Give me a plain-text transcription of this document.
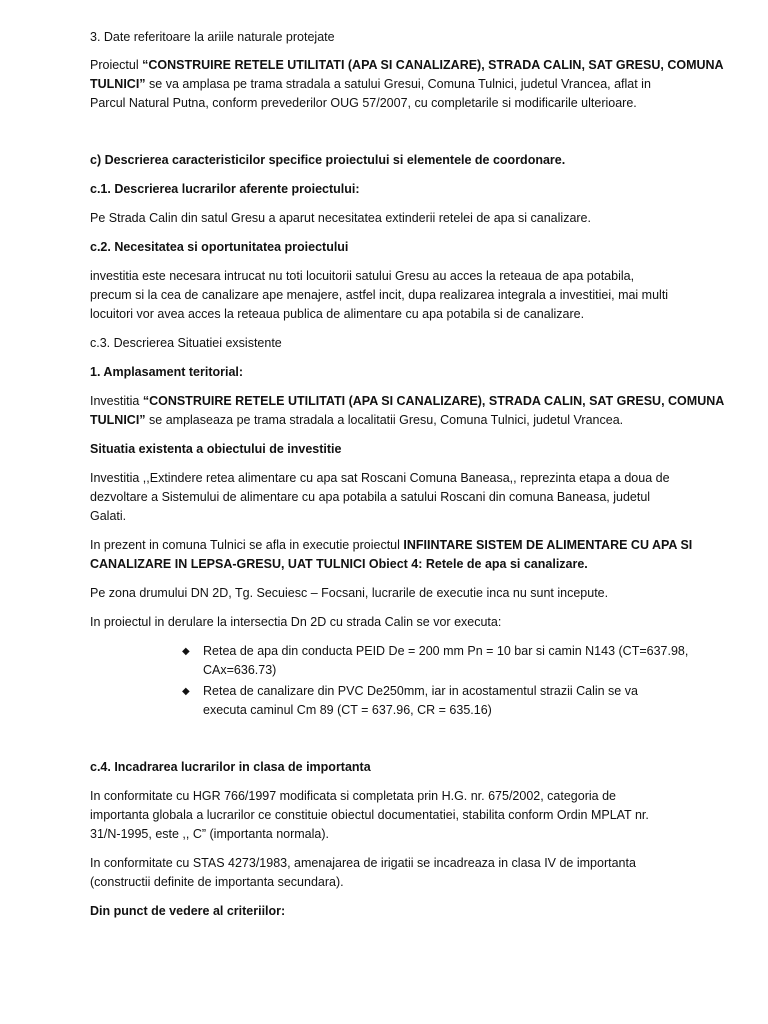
3. Date referitoare la ariile naturale protejate
Proiectul “CONSTRUIRE RETELE UTILITATI (APA SI CANALIZARE), STRADA CALIN, SAT GRESU, COMUNA
TULNICI” se va amplasa pe trama stradala a satului Gresui, Comuna Tulnici, judetul Vrancea, aflat in
Parcul Natural Putna, conform prevederilor OUG 57/2007, cu completarile si modificarile ulterioare.
c) Descrierea caracteristicilor specifice proiectului si elementele de coordonare.
c.1. Descrierea lucrarilor aferente proiectului:
Pe Strada Calin din satul Gresu a aparut necesitatea extinderii retelei de apa si canalizare.
c.2. Necesitatea si oportunitatea proiectului
investitia este necesara intrucat nu toti locuitorii satului Gresu au acces la reteaua de apa potabila,
precum si la cea de canalizare ape menajere, astfel incit, dupa realizarea integrala a investitiei, mai multi
locuitori vor avea acces la reteaua publica de alimentare cu apa potabila si de canalizare.
c.3. Descrierea Situatiei exsistente
1. Amplasament teritorial:
Investitia “CONSTRUIRE RETELE UTILITATI (APA SI CANALIZARE), STRADA CALIN, SAT GRESU, COMUNA
TULNICI” se amplaseaza pe trama stradala a localitatii Gresu, Comuna Tulnici, judetul Vrancea.
Situatia existenta a obiectului de investitie
Investitia ,,Extindere retea alimentare cu apa sat Roscani Comuna Baneasa,, reprezinta etapa a doua de
dezvoltare a Sistemului de alimentare cu apa potabila a satului Roscani din comuna Baneasa, judetul
Galati.
In prezent in comuna Tulnici se afla in executie proiectul INFIINTARE SISTEM DE ALIMENTARE CU APA SI
CANALIZARE IN LEPSA-GRESU, UAT TULNICI Obiect 4: Retele de apa si canalizare.
Pe zona drumului DN 2D, Tg. Secuiesc – Focsani, lucrarile de executie inca nu sunt incepute.
In proiectul in derulare la intersectia Dn 2D cu strada Calin se vor executa:
◆ Retea de apa din conducta PEID De = 200 mm Pn = 10 bar si camin N143 (CT=637.98,
CAx=636.73)
◆ Retea de canalizare din PVC De250mm, iar in acostamentul strazii Calin se va
executa caminul Cm 89 (CT = 637.96, CR = 635.16)
c.4. Incadrarea lucrarilor in clasa de importanta
In conformitate cu HGR 766/1997 modificata si completata prin H.G. nr. 675/2002, categoria de
importanta globala a lucrarilor ce constituie obiectul documentatiei, stabilita conform Ordin MPLAT nr.
31/N-1995, este ,, C” (importanta normala).
In conformitate cu STAS 4273/1983, amenajarea de irigatii se incadreaza in clasa IV de importanta
(constructii definite de importanta secundara).
Din punct de vedere al criteriilor:
